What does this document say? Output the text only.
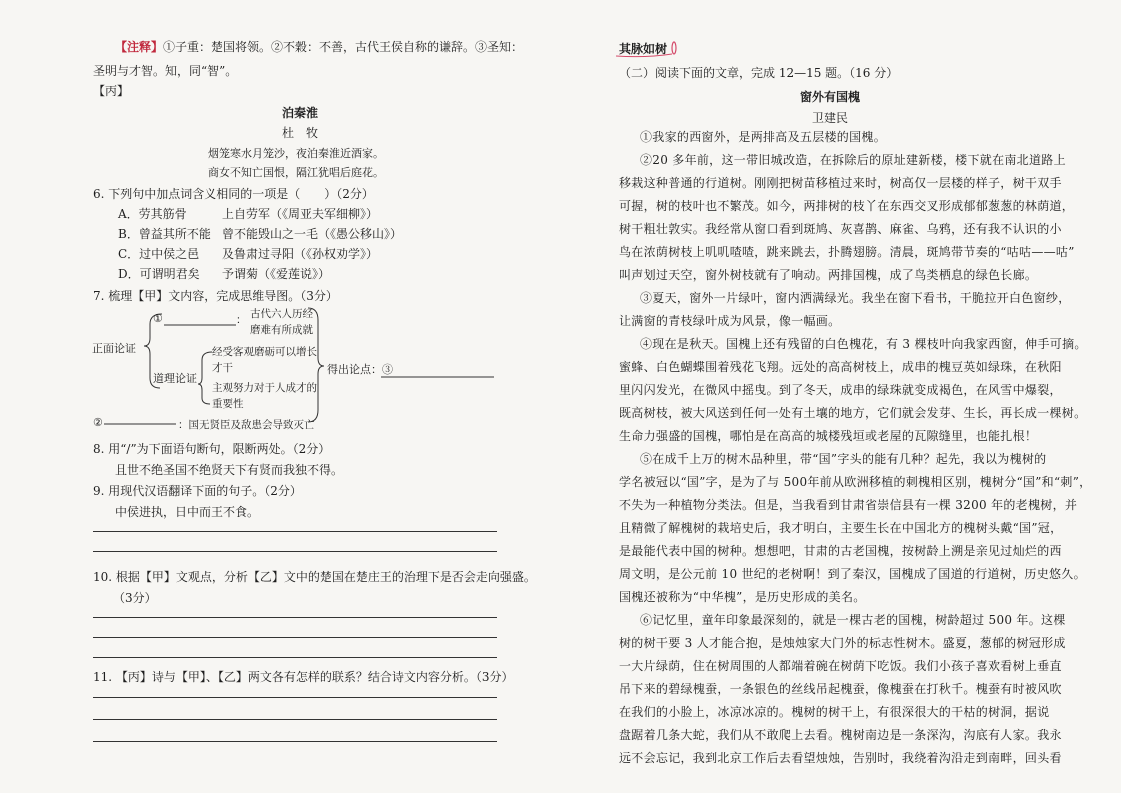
【注释】①子重：楚国将领。②不穀：不善，古代王侯自称的谦辞。③圣知：
圣明与才智。知，同“智”。
【丙】
泊秦淮
杜　牧
烟笼寒水月笼沙，夜泊秦淮近酒家。
商女不知亡国恨，隔江犹唱后庭花。
6. 下列句中加点词含义相同的一项是（　　）（2分）
A．劳其筋骨	上自劳军（《周亚夫军细柳》）
B．曾益其所不能 曾不能毁山之一毛（《愚公移山》）
C．过中侯之邑 及鲁肃过寻阳（《孙权劝学》）
D．可谓明君矣 予谓菊（《爱莲说》）
7. 梳理【甲】文内容，完成思维导图。（3分）
正面论证
①	： 古代六人历经
磨难有所成就
道理论证
经受客观磨砺可以增长
才干
主观努力对于人成才的
重要性
得出论点：③
②	：国无贤臣及敌患会导致灭亡
8. 用“/”为下面语句断句，限断两处。（2分）
且世不绝圣国不绝贤天下有贤而我独不得。
9. 用现代汉语翻译下面的句子。（2分）
中侯进执，日中而王不食。
10. 根据【甲】文观点，分析【乙】文中的楚国在楚庄王的治理下是否会走向强盛。
（3分）
11. 【丙】诗与【甲】、【乙】两文各有怎样的联系？结合诗文内容分析。（3分）
其脉如树
（二）阅读下面的文章，完成 12—15 题。（16 分）
窗外有国槐
卫建民
①我家的西窗外，是两排高及五层楼的国槐。
②20 多年前，这一带旧城改造，在拆除后的原址建新楼，楼下就在南北道路上
移栽这种普通的行道树。刚刚把树苗移植过来时，树高仅一层楼的样子，树干双手
可握，树的枝叶也不繁茂。如今，两排树的枝丫在东西交叉形成郁郁葱葱的林荫道，
树干粗壮敦实。我经常从窗口看到斑鸠、灰喜鹊、麻雀、乌鸦，还有我不认识的小
鸟在浓荫树枝上叽叽喳喳，跳来跳去，扑腾翅膀。清晨，斑鸠带节奏的“咕咕——咕”
叫声划过天空，窗外树枝就有了响动。两排国槐，成了鸟类栖息的绿色长廊。
③夏天，窗外一片绿叶，窗内洒满绿光。我坐在窗下看书，干脆拉开白色窗纱，
让满窗的青枝绿叶成为风景，像一幅画。
④现在是秋天。国槐上还有残留的白色槐花，有 3 棵枝叶向我家西窗，伸手可摘。
蜜蜂、白色蝴蝶围着残花飞翔。远处的高高树枝上，成串的槐豆英如绿珠，在秋阳
里闪闪发光，在微风中摇曳。到了冬天，成串的绿珠就变成褐色，在风雪中爆裂，
既高树枝，被大风送到任何一处有土壤的地方，它们就会发芽、生长，再长成一棵树。
生命力强盛的国槐，哪怕是在高高的城楼残垣或老屋的瓦隙缝里，也能扎根！
⑤在成千上万的树木品种里，带“国”字头的能有几种？起先，我以为槐树的
学名被冠以“国”字，是为了与 500年前从欧洲移植的刺槐相区别，槐树分“国”和“刺”，
不失为一种植物分类法。但是，当我看到甘肃省崇信县有一棵 3200 年的老槐树，并
且精微了解槐树的栽培史后，我才明白，主要生长在中国北方的槐树头戴“国”冠，
是最能代表中国的树种。想想吧，甘肃的古老国槐，按树龄上溯是亲见过灿烂的西
周文明，是公元前 10 世纪的老树啊！到了秦汉，国槐成了国道的行道树，历史悠久。
国槐还被称为“中华槐”，是历史形成的美名。
⑥记忆里，童年印象最深刻的，就是一棵古老的国槐，树龄超过 500 年。这棵
树的树干要 3 人才能合抱，是烛烛家大门外的标志性树木。盛夏，葱郁的树冠形成
一大片绿荫，住在树周围的人都端着碗在树荫下吃饭。我们小孩子喜欢看树上垂直
吊下来的碧绿槐蚕，一条银色的丝线吊起槐蚕，像槐蚕在打秋千。槐蚕有时被风吹
在我们的小脸上，冰凉冰凉的。槐树的树干上，有很深很大的干枯的树洞，据说
盘踞着几条大蛇，我们从不敢爬上去看。槐树南边是一条深沟，沟底有人家。我永
远不会忘记，我到北京工作后去看望烛烛，告别时，我绕着沟沿走到南畔，回头看
